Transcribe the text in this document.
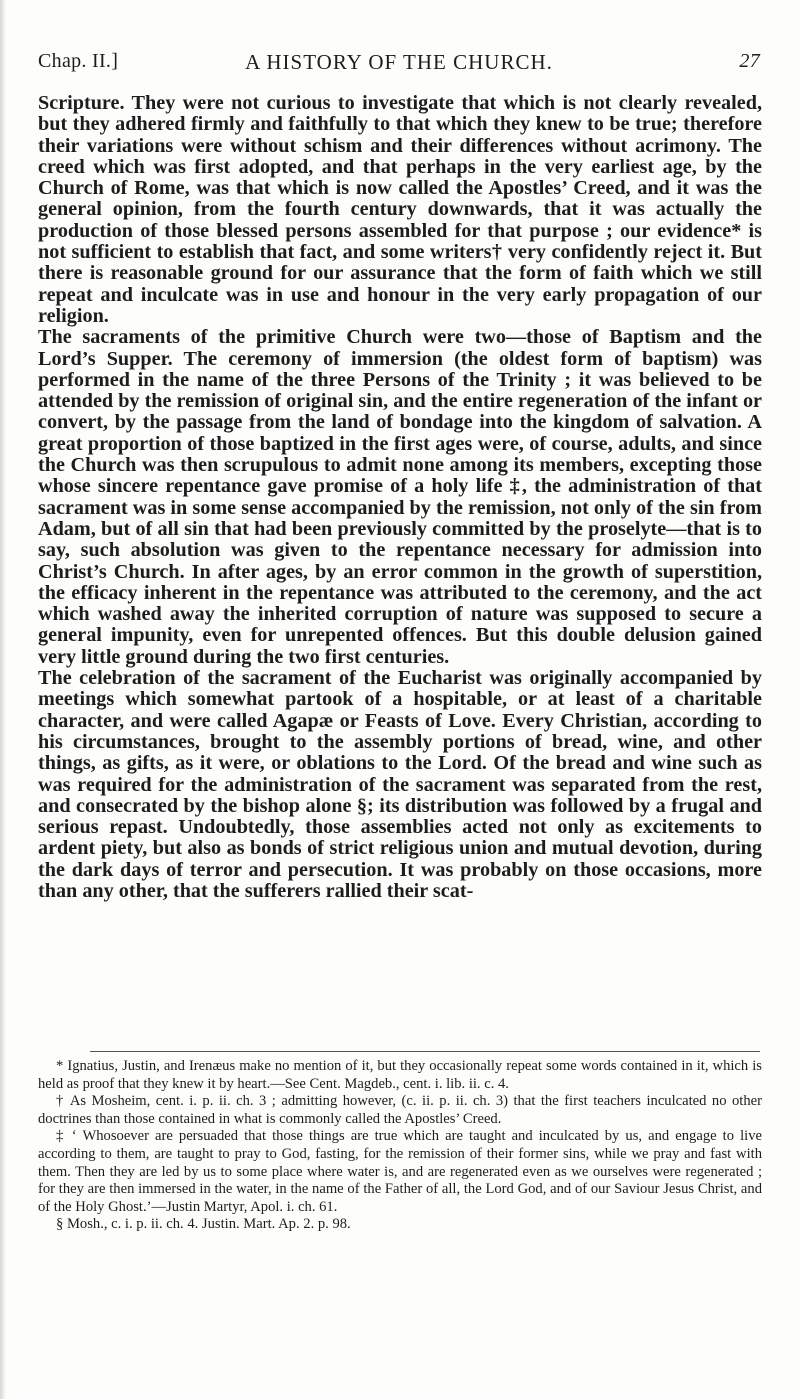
Chap. II.]	A HISTORY OF THE CHURCH.	27

Scripture. They were not curious to investigate that which is not clearly revealed, but they adhered firmly and faithfully to that which they knew to be true; therefore their variations were without schism and their differences without acrimony. The creed which was first adopted, and that perhaps in the very earliest age, by the Church of Rome, was that which is now called the Apostles’ Creed, and it was the general opinion, from the fourth century downwards, that it was actually the production of those blessed persons assembled for that purpose ; our evidence* is not sufficient to establish that fact, and some writers† very confidently reject it. But there is reasonable ground for our assurance that the form of faith which we still repeat and inculcate was in use and honour in the very early propagation of our religion.

The sacraments of the primitive Church were two—those of Baptism and the Lord’s Supper. The ceremony of immersion (the oldest form of baptism) was performed in the name of the three Persons of the Trinity ; it was believed to be attended by the remission of original sin, and the entire regeneration of the infant or convert, by the passage from the land of bondage into the kingdom of salvation. A great proportion of those baptized in the first ages were, of course, adults, and since the Church was then scrupulous to admit none among its members, excepting those whose sincere repentance gave promise of a holy life ‡, the administration of that sacrament was in some sense accompanied by the remission, not only of the sin from Adam, but of all sin that had been previously committed by the proselyte—that is to say, such absolution was given to the repentance necessary for admission into Christ’s Church. In after ages, by an error common in the growth of superstition, the efficacy inherent in the repentance was attributed to the ceremony, and the act which washed away the inherited corruption of nature was supposed to secure a general impunity, even for unrepented offences. But this double delusion gained very little ground during the two first centuries.

The celebration of the sacrament of the Eucharist was originally accompanied by meetings which somewhat partook of a hospitable, or at least of a charitable character, and were called Agapæ or Feasts of Love. Every Christian, according to his circumstances, brought to the assembly portions of bread, wine, and other things, as gifts, as it were, or oblations to the Lord. Of the bread and wine such as was required for the administration of the sacrament was separated from the rest, and consecrated by the bishop alone §; its distribution was followed by a frugal and serious repast. Undoubtedly, those assemblies acted not only as excitements to ardent piety, but also as bonds of strict religious union and mutual devotion, during the dark days of terror and persecution. It was probably on those occasions, more than any other, that the sufferers rallied their scat-

* Ignatius, Justin, and Irenæus make no mention of it, but they occasionally repeat some words contained in it, which is held as proof that they knew it by heart.—See Cent. Magdeb., cent. i. lib. ii. c. 4.

† As Mosheim, cent. i. p. ii. ch. 3 ; admitting however, (c. ii. p. ii. ch. 3) that the first teachers inculcated no other doctrines than those contained in what is commonly called the Apostles’ Creed.

‡ ‘ Whosoever are persuaded that those things are true which are taught and inculcated by us, and engage to live according to them, are taught to pray to God, fasting, for the remission of their former sins, while we pray and fast with them. Then they are led by us to some place where water is, and are regenerated even as we ourselves were regenerated ; for they are then immersed in the water, in the name of the Father of all, the Lord God, and of our Saviour Jesus Christ, and of the Holy Ghost.’—Justin Martyr, Apol. i. ch. 61.

§ Mosh., c. i. p. ii. ch. 4. Justin. Mart. Ap. 2. p. 98.
